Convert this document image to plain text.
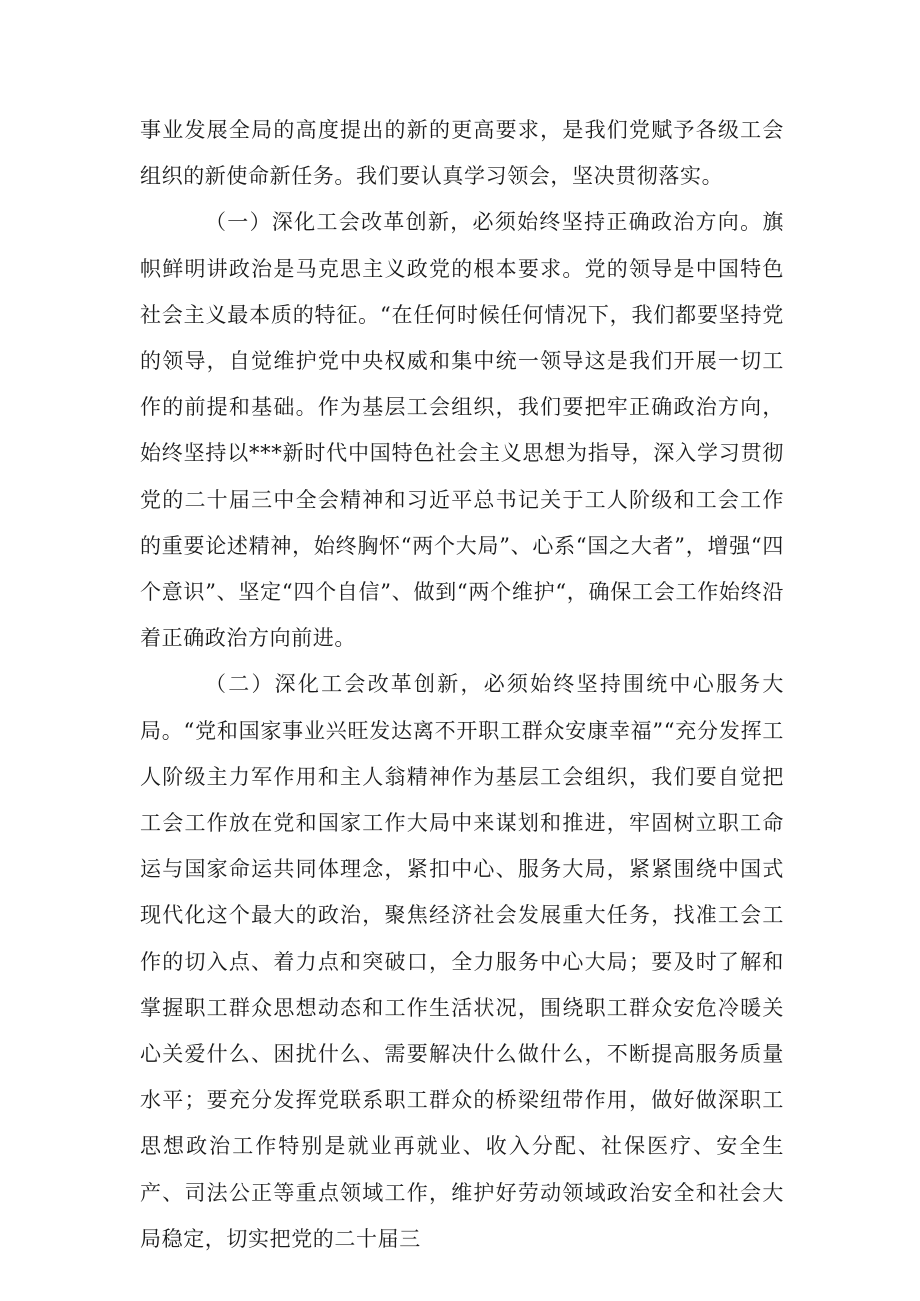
事业发展全局的高度提出的新的更高要求，是我们党赋予各级工会组织的新使命新任务。我们要认真学习领会，坚决贯彻落实。

（一）深化工会改革创新，必须始终坚持正确政治方向。旗帜鲜明讲政治是马克思主义政党的根本要求。党的领导是中国特色社会主义最本质的特征。“在任何时候任何情况下，我们都要坚持党的领导，自觉维护党中央权威和集中统一领导这是我们开展一切工作的前提和基础。作为基层工会组织，我们要把牢正确政治方向，始终坚持以***新时代中国特色社会主义思想为指导，深入学习贯彻党的二十届三中全会精神和习近平总书记关于工人阶级和工会工作的重要论述精神，始终胸怀“两个大局”、心系“国之大者”，增强“四个意识”、坚定“四个自信”、做到“两个维护“，确保工会工作始终沿着正确政治方向前进。

（二）深化工会改革创新，必须始终坚持围统中心服务大局。“党和国家事业兴旺发达离不开职工群众安康幸福”“充分发挥工人阶级主力军作用和主人翁精神作为基层工会组织，我们要自觉把工会工作放在党和国家工作大局中来谋划和推进，牢固树立职工命运与国家命运共同体理念，紧扣中心、服务大局，紧紧围绕中国式现代化这个最大的政治，聚焦经济社会发展重大任务，找准工会工作的切入点、着力点和突破口，全力服务中心大局；要及时了解和掌握职工群众思想动态和工作生活状况，围绕职工群众安危冷暖关心关爱什么、困扰什么、需要解决什么做什么，不断提高服务质量水平；要充分发挥党联系职工群众的桥梁纽带作用，做好做深职工思想政治工作特别是就业再就业、收入分配、社保医疗、安全生产、司法公正等重点领域工作，维护好劳动领域政治安全和社会大局稳定，切实把党的二十届三
